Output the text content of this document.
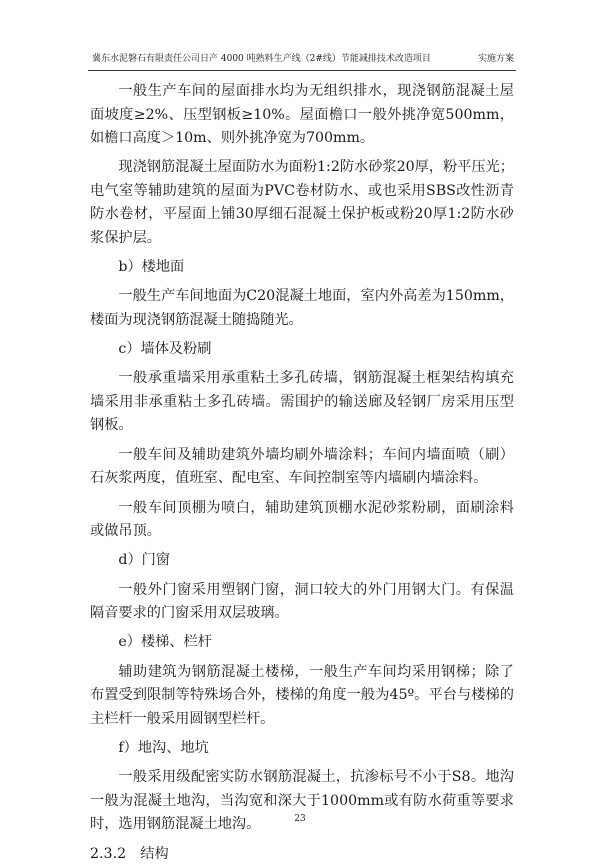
冀东水泥磐石有限责任公司日产 4000 吨熟料生产线（2#线）节能减排技术改造项目	实施方案

一般生产车间的屋面排水均为无组织排水，现浇钢筋混凝土屋面坡度≥2%、压型钢板≥10%。屋面檐口一般外挑净宽500mm，如檐口高度＞10m、则外挑净宽为700mm。

现浇钢筋混凝土屋面防水为面粉1:2防水砂浆20厚，粉平压光；电气室等辅助建筑的屋面为PVC卷材防水、或也采用SBS改性沥青防水卷材，平屋面上铺30厚细石混凝土保护板或粉20厚1:2防水砂浆保护层。

b）楼地面

一般生产车间地面为C20混凝土地面，室内外高差为150mm，楼面为现浇钢筋混凝土随捣随光。

c）墙体及粉刷

一般承重墙采用承重粘土多孔砖墙，钢筋混凝土框架结构填充墙采用非承重粘土多孔砖墙。需围护的输送廊及轻钢厂房采用压型钢板。

一般车间及辅助建筑外墙均刷外墙涂料；车间内墙面喷（刷）石灰浆两度，值班室、配电室、车间控制室等内墙刷内墙涂料。

一般车间顶棚为喷白，辅助建筑顶棚水泥砂浆粉刷，面刷涂料或做吊顶。

d）门窗

一般外门窗采用塑钢门窗，洞口较大的外门用钢大门。有保温隔音要求的门窗采用双层玻璃。

e）楼梯、栏杆

辅助建筑为钢筋混凝土楼梯，一般生产车间均采用钢梯；除了布置受到限制等特殊场合外，楼梯的角度一般为45º。平台与楼梯的主栏杆一般采用圆钢型栏杆。

f）地沟、地坑

一般采用级配密实防水钢筋混凝土，抗渗标号不小于S8。地沟一般为混凝土地沟，当沟宽和深大于1000mm或有防水荷重等要求时，选用钢筋混凝土地沟。

2.3.2　结构

23
